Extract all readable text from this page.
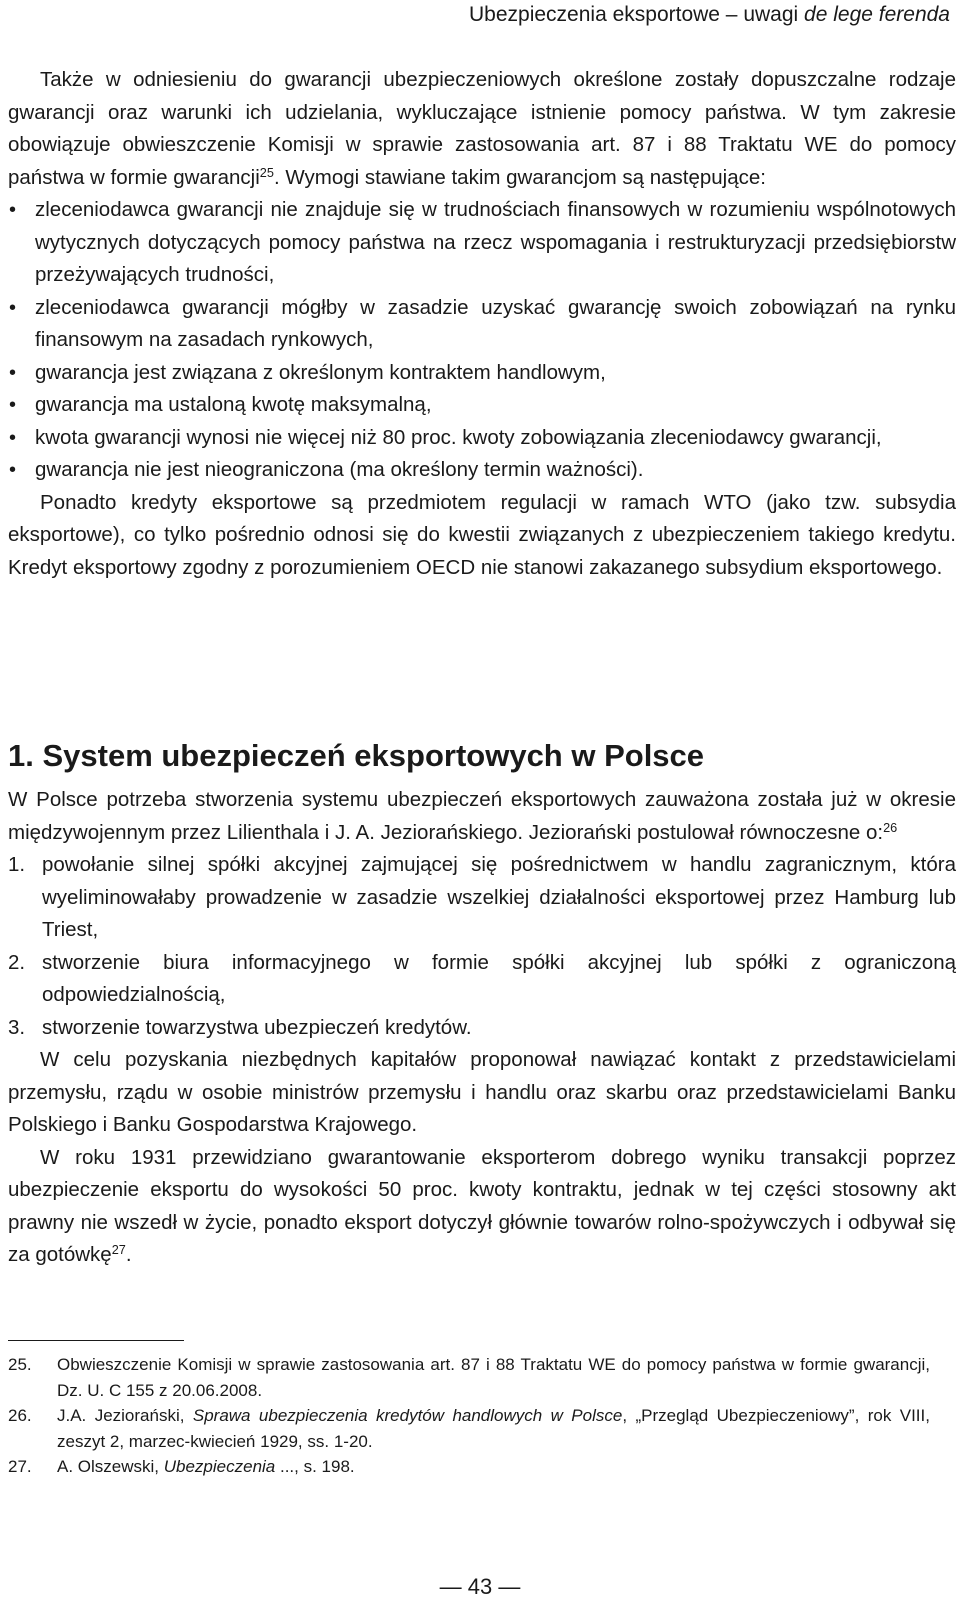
Ubezpieczenia eksportowe – uwagi de lege ferenda

Także w odniesieniu do gwarancji ubezpieczeniowych określone zostały dopuszczalne rodzaje gwarancji oraz warunki ich udzielania, wykluczające istnienie pomocy państwa. W tym zakresie obowiązuje obwieszczenie Komisji w sprawie zastosowania art. 87 i 88 Traktatu WE do pomocy państwa w formie gwarancji$^{25}$. Wymogi stawiane takim gwarancjom są następujące:

• zleceniodawca gwarancji nie znajduje się w trudnościach finansowych w rozumieniu wspólnotowych wytycznych dotyczących pomocy państwa na rzecz wspomagania i restrukturyzacji przedsiębiorstw przeżywających trudności,
• zleceniodawca gwarancji mógłby w zasadzie uzyskać gwarancję swoich zobowiązań na rynku finansowym na zasadach rynkowych,
• gwarancja jest związana z określonym kontraktem handlowym,
• gwarancja ma ustaloną kwotę maksymalną,
• kwota gwarancji wynosi nie więcej niż 80 proc. kwoty zobowiązania zleceniodawcy gwarancji,
• gwarancja nie jest nieograniczona (ma określony termin ważności).

Ponadto kredyty eksportowe są przedmiotem regulacji w ramach WTO (jako tzw. subsydia eksportowe), co tylko pośrednio odnosi się do kwestii związanych z ubezpieczeniem takiego kredytu. Kredyt eksportowy zgodny z porozumieniem OECD nie stanowi zakazanego subsydium eksportowego.

1. System ubezpieczeń eksportowych w Polsce

W Polsce potrzeba stworzenia systemu ubezpieczeń eksportowych zauważona została już w okresie międzywojennym przez Lilienthala i J. A. Jeziorańskiego. Jeziorański postulował równoczesne o:$^{26}$

1. powołanie silnej spółki akcyjnej zajmującej się pośrednictwem w handlu zagranicznym, która wyeliminowałaby prowadzenie w zasadzie wszelkiej działalności eksportowej przez Hamburg lub Triest,
2. stworzenie biura informacyjnego w formie spółki akcyjnej lub spółki z ograniczoną odpowiedzialnością,
3. stworzenie towarzystwa ubezpieczeń kredytów.

W celu pozyskania niezbędnych kapitałów proponował nawiązać kontakt z przedstawicielami przemysłu, rządu w osobie ministrów przemysłu i handlu oraz skarbu oraz przedstawicielami Banku Polskiego i Banku Gospodarstwa Krajowego.

W roku 1931 przewidziano gwarantowanie eksporterom dobrego wyniku transakcji poprzez ubezpieczenie eksportu do wysokości 50 proc. kwoty kontraktu, jednak w tej części stosowny akt prawny nie wszedł w życie, ponadto eksport dotyczył głównie towarów rolno-spożywczych i odbywał się za gotówkę$^{27}$.

25. Obwieszczenie Komisji w sprawie zastosowania art. 87 i 88 Traktatu WE do pomocy państwa w formie gwarancji, Dz. U. C 155 z 20.06.2008.

26. J.A. Jeziorański, Sprawa ubezpieczenia kredytów handlowych w Polsce, „Przegląd Ubezpieczeniowy”, rok VIII, zeszyt 2, marzec-kwiecień 1929, ss. 1-20.

27. A. Olszewski, Ubezpieczenia ..., s. 198.

— 43 —
